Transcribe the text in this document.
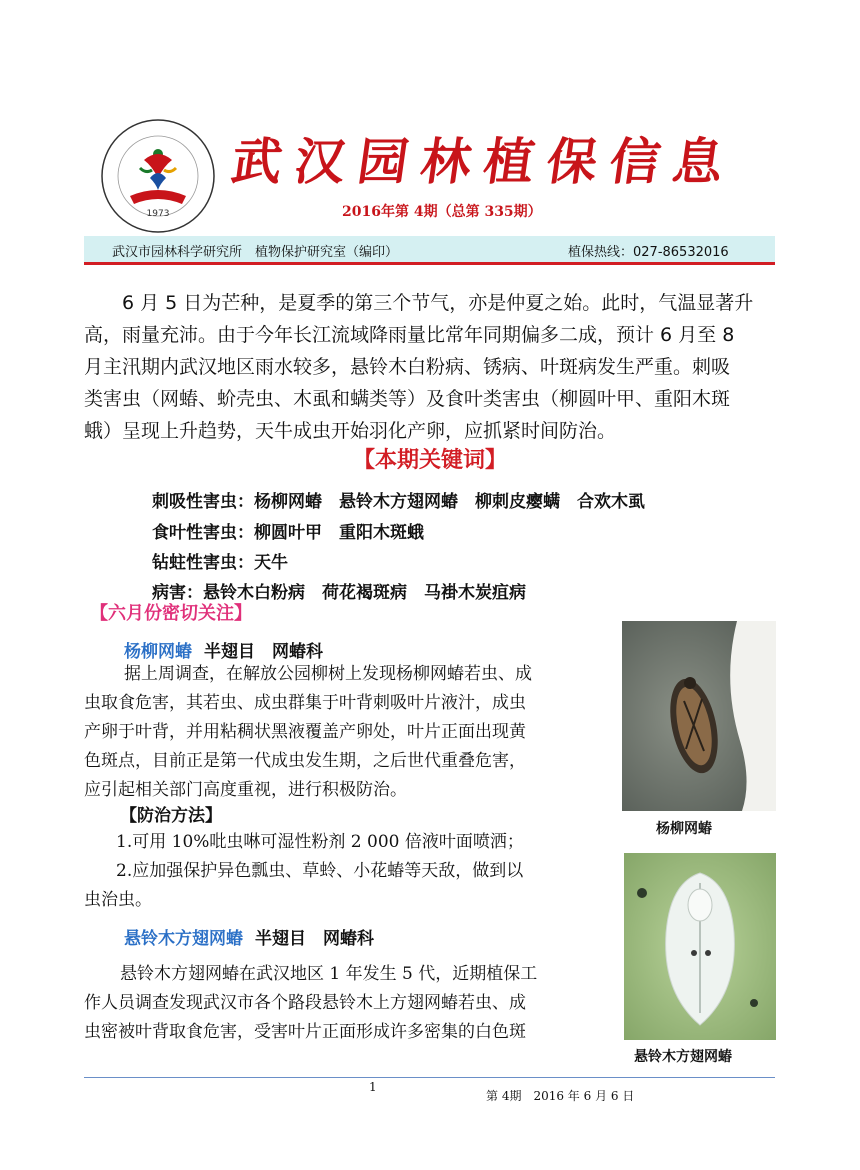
1973
武汉园林植保信息
2016年第 4期（总第 335期）
武汉市园林科学研究所　植物保护研究室（编印）	植保热线：027-86532016
6 月 5 日为芒种，是夏季的第三个节气，亦是仲夏之始。此时，气温显著升
高，雨量充沛。由于今年长江流域降雨量比常年同期偏多二成，预计 6 月至 8
月主汛期内武汉地区雨水较多，悬铃木白粉病、锈病、叶斑病发生严重。刺吸
类害虫（网蝽、蚧壳虫、木虱和螨类等）及食叶类害虫（柳圆叶甲、重阳木斑
蛾）呈现上升趋势，天牛成虫开始羽化产卵，应抓紧时间防治。
【本期关键词】
刺吸性害虫：杨柳网蝽　悬铃木方翅网蝽　柳刺皮瘿螨　合欢木虱
食叶性害虫：柳圆叶甲　重阳木斑蛾
钻蛀性害虫：天牛
病害：悬铃木白粉病　荷花褐斑病　马褂木炭疽病
【六月份密切关注】
杨柳网蝽 半翅目　网蝽科
据上周调查，在解放公园柳树上发现杨柳网蝽若虫、成
虫取食危害，其若虫、成虫群集于叶背刺吸叶片液汁，成虫
产卵于叶背，并用粘稠状黑液覆盖产卵处，叶片正面出现黄
色斑点，目前正是第一代成虫发生期，之后世代重叠危害，
应引起相关部门高度重视，进行积极防治。
【防治方法】
1.可用 10%吡虫啉可湿性粉剂 2 000 倍液叶面喷洒；
2.应加强保护异色瓢虫、草蛉、小花蝽等天敌，做到以
虫治虫。
杨柳网蝽
悬铃木方翅网蝽 半翅目　网蝽科
悬铃木方翅网蝽在武汉地区 1 年发生 5 代，近期植保工
作人员调查发现武汉市各个路段悬铃木上方翅网蝽若虫、成
虫密被叶背取食危害，受害叶片正面形成许多密集的白色斑
悬铃木方翅网蝽
1
第 4期　2016 年 6 月 6 日
